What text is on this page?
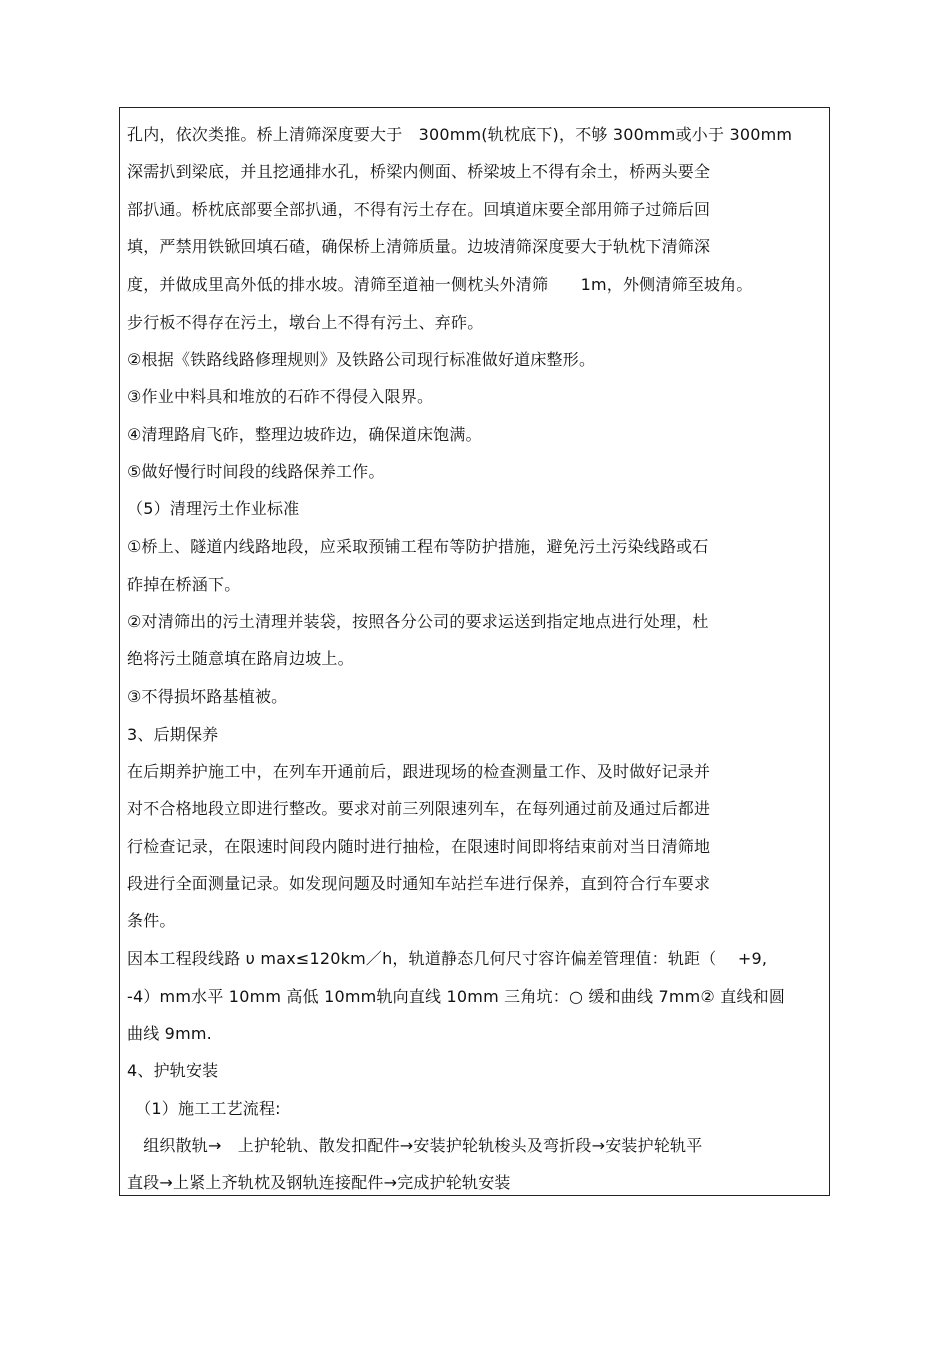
孔内，依次类推。桥上清筛深度要大于　300mm(轨枕底下)，不够 300mm或小于 300mm
深需扒到梁底，并且挖通排水孔，桥梁内侧面、桥梁坡上不得有余土，桥两头要全
部扒通。桥枕底部要全部扒通，不得有污土存在。回填道床要全部用筛子过筛后回
填，严禁用铁锨回填石碴，确保桥上清筛质量。边坡清筛深度要大于轨枕下清筛深
度，并做成里高外低的排水坡。清筛至道袖一侧枕头外清筛　　1m，外侧清筛至坡角。
步行板不得存在污土，墩台上不得有污土、弃砟。
②根据《铁路线路修理规则》及铁路公司现行标准做好道床整形。
③作业中料具和堆放的石砟不得侵入限界。
④清理路肩飞砟，整理边坡砟边，确保道床饱满。
⑤做好慢行时间段的线路保养工作。
（5）清理污土作业标准
①桥上、隧道内线路地段，应采取预铺工程布等防护措施，避免污土污染线路或石
砟掉在桥涵下。
②对清筛出的污土清理并装袋，按照各分公司的要求运送到指定地点进行处理，杜
绝将污土随意填在路肩边坡上。
③不得损坏路基植被。
3、后期保养
在后期养护施工中，在列车开通前后，跟进现场的检查测量工作、及时做好记录并
对不合格地段立即进行整改。要求对前三列限速列车，在每列通过前及通过后都进
行检查记录，在限速时间段内随时进行抽检，在限速时间即将结束前对当日清筛地
段进行全面测量记录。如发现问题及时通知车站拦车进行保养，直到符合行车要求
条件。
因本工程段线路 υ max≤120km／h，轨道静态几何尺寸容许偏差管理值：轨距（　 +9,
-4）mm水平 10mm 高低 10mm轨向直线 10mm 三角坑：○ 缓和曲线 7mm② 直线和圆
曲线 9mm.
4、护轨安装
　（1）施工工艺流程:
　组织散轨→　上护轮轨、散发扣配件→安装护轮轨梭头及弯折段→安装护轮轨平
直段→上紧上齐轨枕及钢轨连接配件→完成护轮轨安装
